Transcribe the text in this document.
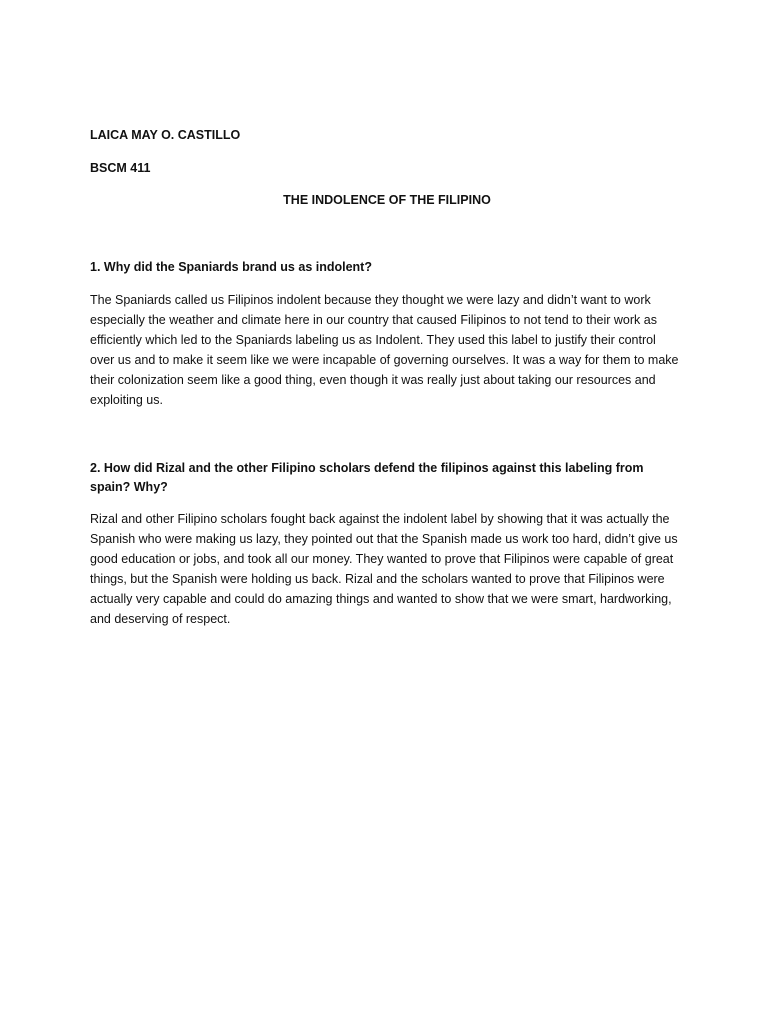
LAICA MAY O. CASTILLO

BSCM 411

THE INDOLENCE OF THE FILIPINO

1. Why did the Spaniards brand us as indolent?

The Spaniards called us Filipinos indolent because they thought we were lazy and didn’t want to work especially the weather and climate here in our country that caused Filipinos to not tend to their work as efficiently which led to the Spaniards labeling us as Indolent. They used this label to justify their control over us and to make it seem like we were incapable of governing ourselves. It was a way for them to make their colonization seem like a good thing, even though it was really just about taking our resources and exploiting us.

2. How did Rizal and the other Filipino scholars defend the filipinos against this labeling from spain? Why?

Rizal and other Filipino scholars fought back against the indolent label by showing that it was actually the Spanish who were making us lazy, they pointed out that the Spanish made us work too hard, didn’t give us good education or jobs, and took all our money. They wanted to prove that Filipinos were capable of great things, but the Spanish were holding us back. Rizal and the scholars wanted to prove that Filipinos were actually very capable and could do amazing things and wanted to show that we were smart, hardworking, and deserving of respect.
